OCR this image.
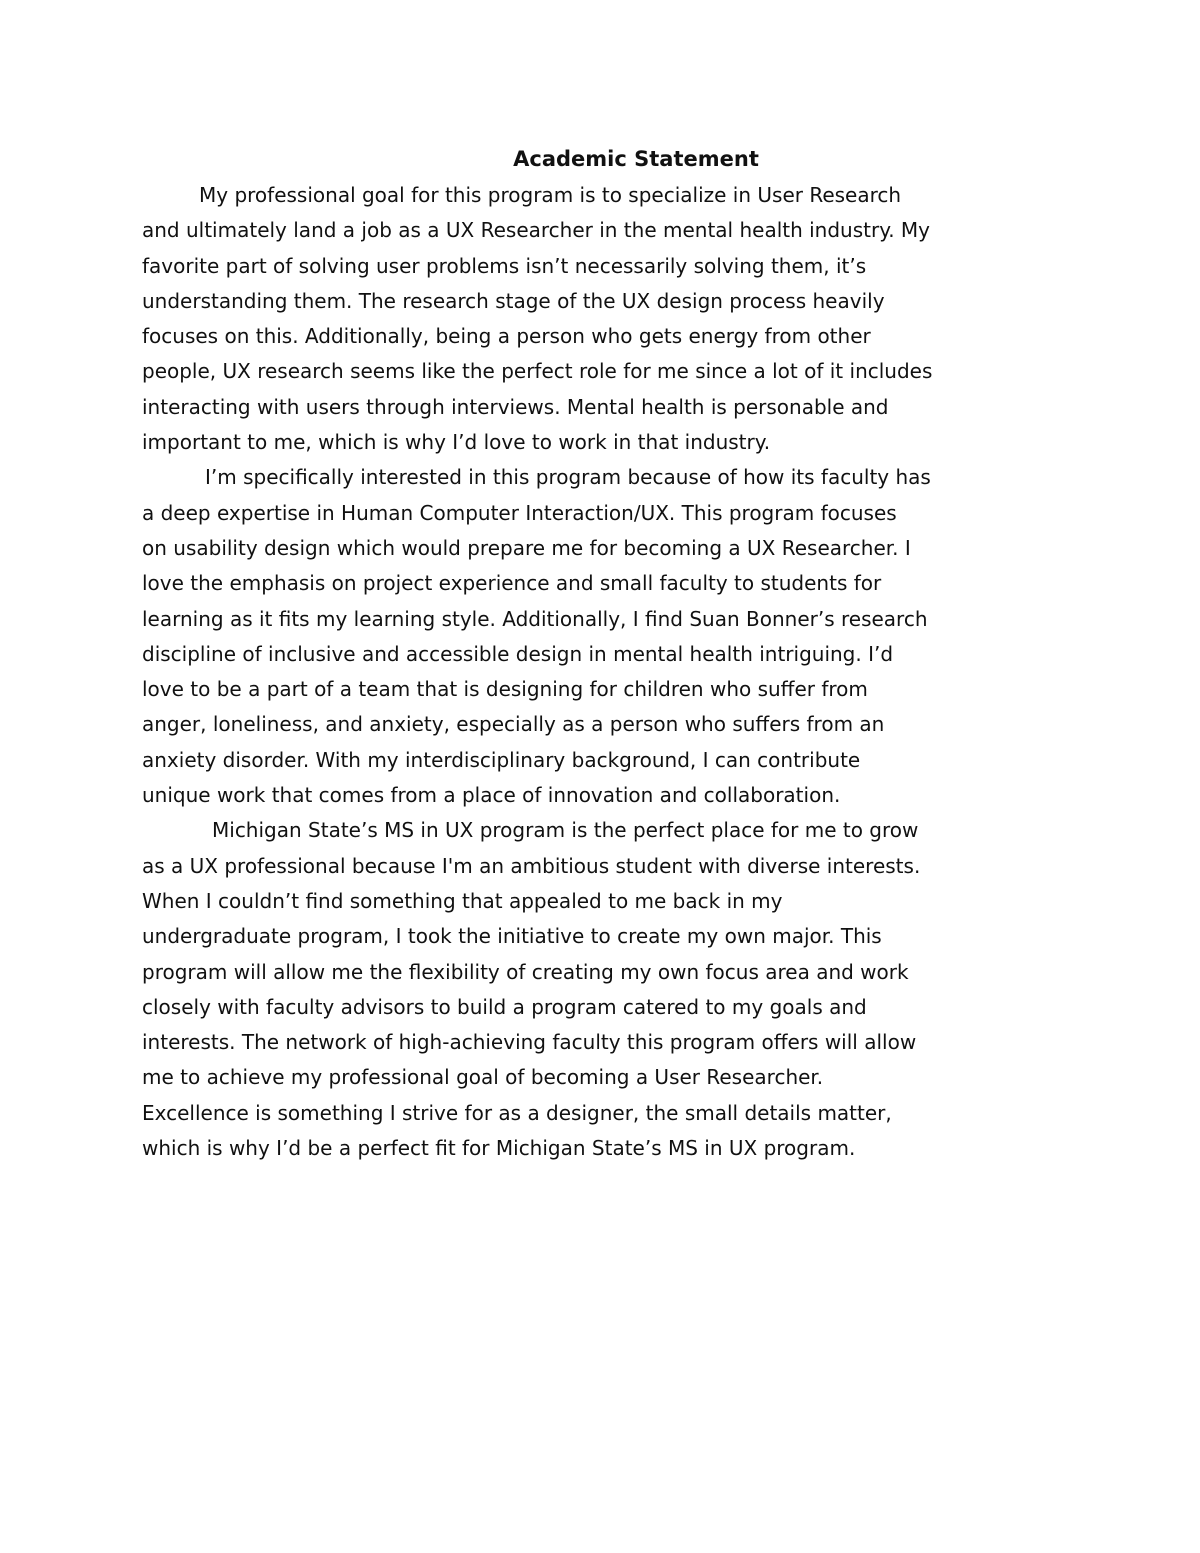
Academic Statement
My professional goal for this program is to specialize in User Research
and ultimately land a job as a UX Researcher in the mental health industry. My
favorite part of solving user problems isn’t necessarily solving them, it’s
understanding them. The research stage of the UX design process heavily
focuses on this. Additionally, being a person who gets energy from other
people, UX research seems like the perfect role for me since a lot of it includes
interacting with users through interviews. Mental health is personable and
important to me, which is why I’d love to work in that industry.
I’m specifically interested in this program because of how its faculty has
a deep expertise in Human Computer Interaction/UX. This program focuses
on usability design which would prepare me for becoming a UX Researcher. I
love the emphasis on project experience and small faculty to students for
learning as it fits my learning style. Additionally, I find Suan Bonner’s research
discipline of inclusive and accessible design in mental health intriguing. I’d
love to be a part of a team that is designing for children who suffer from
anger, loneliness, and anxiety, especially as a person who suffers from an
anxiety disorder. With my interdisciplinary background, I can contribute
unique work that comes from a place of innovation and collaboration.
Michigan State’s MS in UX program is the perfect place for me to grow
as a UX professional because I'm an ambitious student with diverse interests.
When I couldn’t find something that appealed to me back in my
undergraduate program, I took the initiative to create my own major. This
program will allow me the flexibility of creating my own focus area and work
closely with faculty advisors to build a program catered to my goals and
interests. The network of high-achieving faculty this program offers will allow
me to achieve my professional goal of becoming a User Researcher.
Excellence is something I strive for as a designer, the small details matter,
which is why I’d be a perfect fit for Michigan State’s MS in UX program.
